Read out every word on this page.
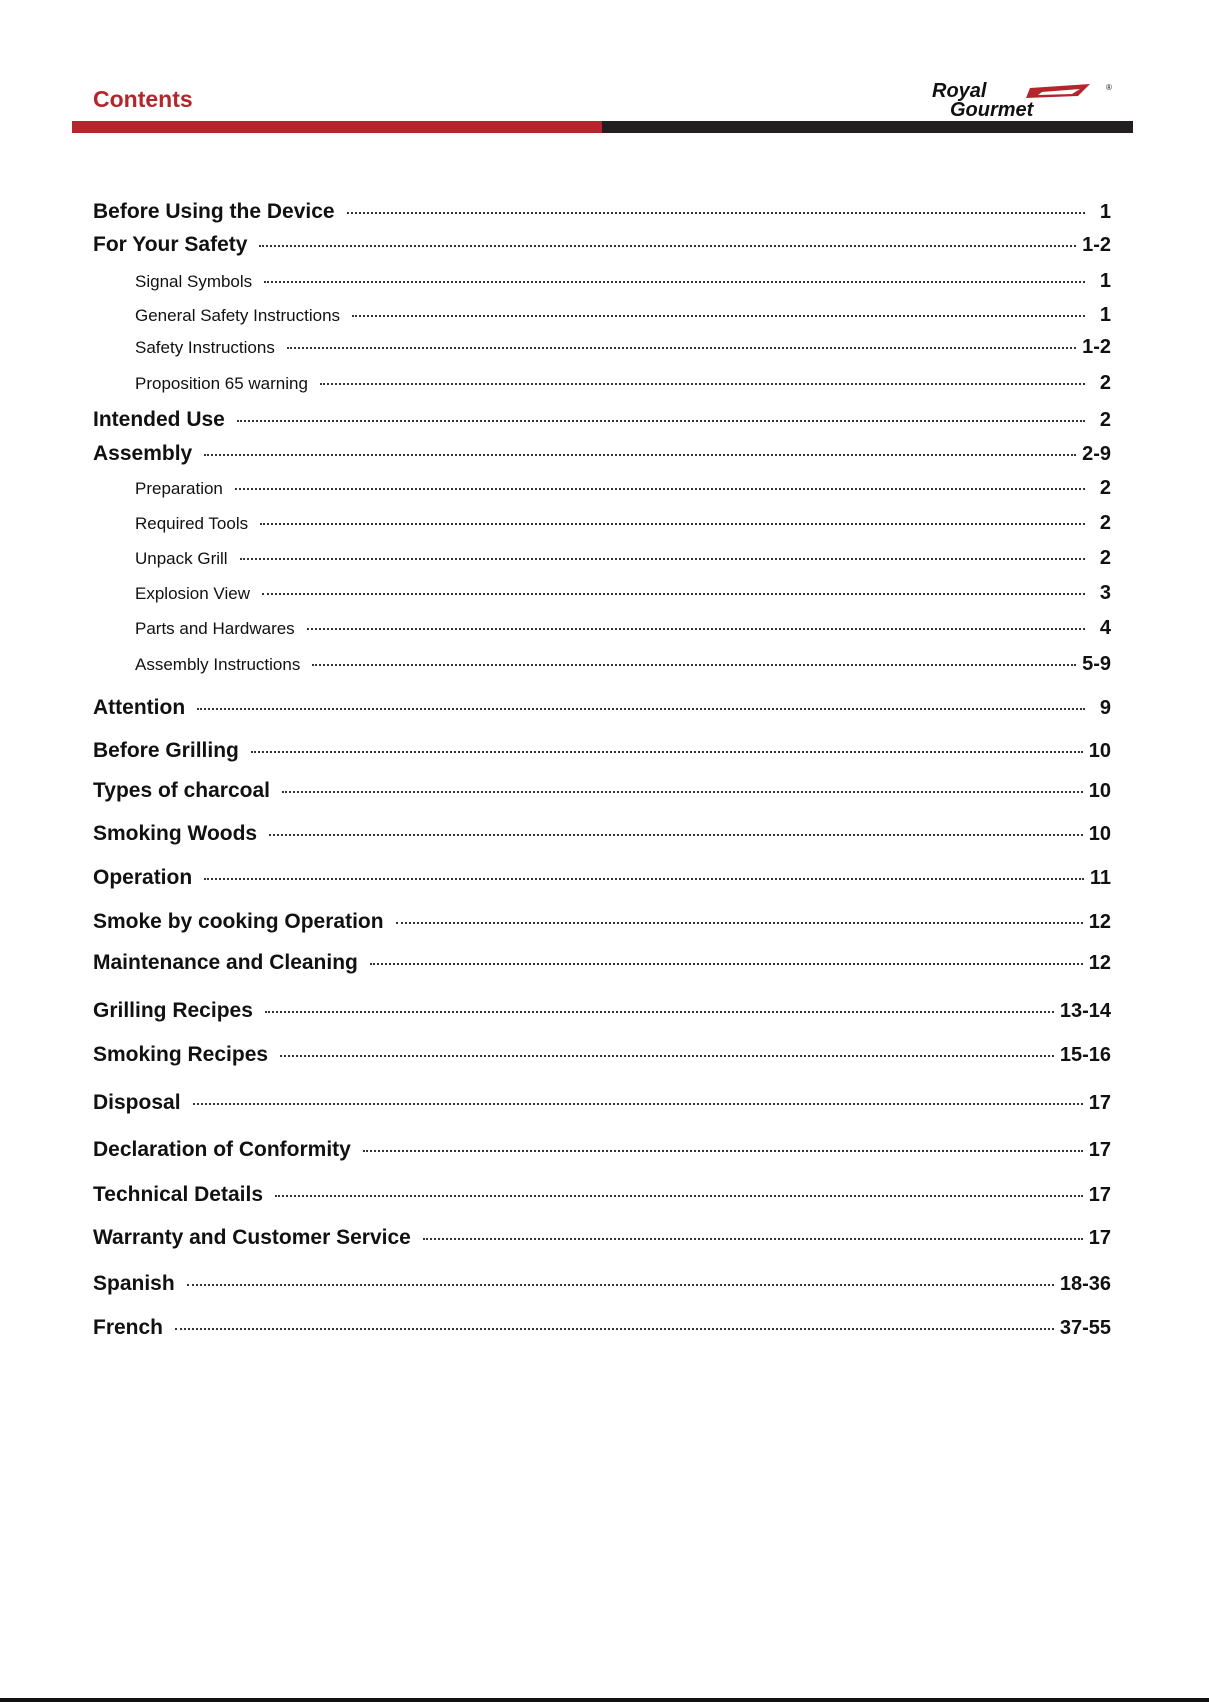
Contents	Royal
Gourmet
®
Before Using the Device	1
For Your Safety	1-2
Signal Symbols	1
General Safety Instructions	1
Safety Instructions	1-2
Proposition 65 warning	2
Intended Use	2
Assembly	2-9
Preparation	2
Required Tools	2
Unpack Grill	2
Explosion View	3
Parts and Hardwares	4
Assembly Instructions	5-9
Attention	9
Before Grilling	10
Types of charcoal	10
Smoking Woods	10
Operation	11
Smoke by cooking Operation	12
Maintenance and Cleaning	12
Grilling Recipes	13-14
Smoking Recipes	15-16
Disposal	17
Declaration of Conformity	17
Technical Details	17
Warranty and Customer Service	17
Spanish	18-36
French	37-55
